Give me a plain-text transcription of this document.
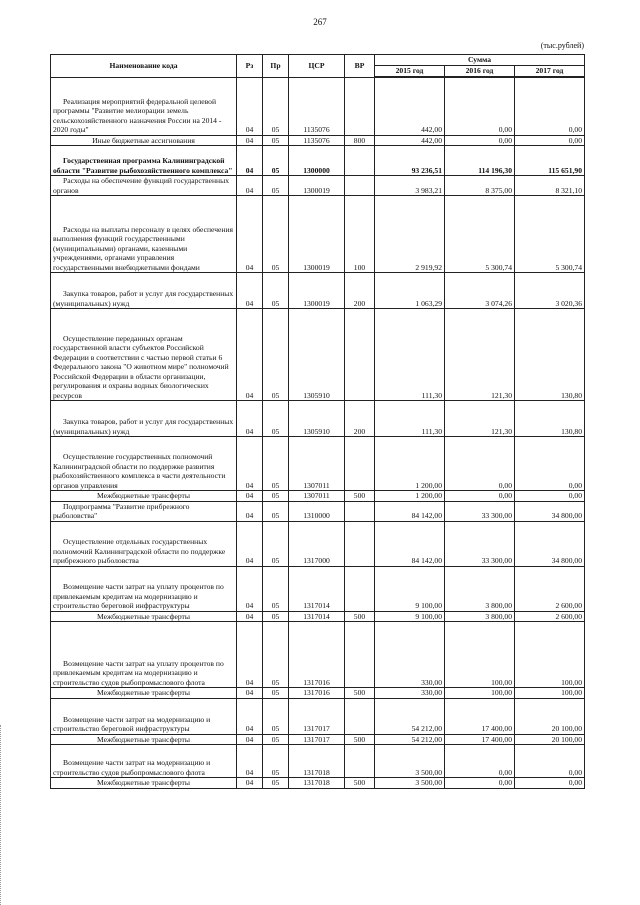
267
(тыс.рублей)
Наименование кода	Рз	Пр	ЦСР	ВР	Сумма		
					2015 год	2016 год	2017 год
Реализация мероприятий федеральной целевой программы "Развитие мелиорации земель сельскохозяйственного назначения России на 2014 - 2020 годы"	04	05	1135076		442,00	0,00	0,00
Иные бюджетные ассигнования	04	05	1135076	800	442,00	0,00	0,00
Государственная программа Калининградской области "Развитие рыбохозяйственного комплекса"	04	05	1300000		93 236,51	114 196,30	115 651,90
Расходы на обеспечение функций государственных органов	04	05	1300019		3 983,21	8 375,00	8 321,10
Расходы на выплаты персоналу в целях обеспечения выполнения функций государственными (муниципальными) органами, казенными учреждениями, органами управления государственными внебюджетными фондами	04	05	1300019	100	2 919,92	5 300,74	5 300,74
Закупка товаров, работ и услуг для государственных (муниципальных) нужд	04	05	1300019	200	1 063,29	3 074,26	3 020,36
Осуществление переданных органам государственной власти субъектов Российской Федерации в соответствии с частью первой статьи 6 Федерального закона "О животном мире" полномочий Российской Федерации в области организации, регулирования и охраны водных биологических ресурсов	04	05	1305910		111,30	121,30	130,80
Закупка товаров, работ и услуг для государственных (муниципальных) нужд	04	05	1305910	200	111,30	121,30	130,80
Осуществление государственных полномочий Калининградской области по поддержке развития рыбохозяйственного комплекса в части деятельности органов управления	04	05	1307011		1 200,00	0,00	0,00
Межбюджетные трансферты	04	05	1307011	500	1 200,00	0,00	0,00
Подпрограмма "Развитие прибрежного рыболовства"	04	05	1310000		84 142,00	33 300,00	34 800,00
Осуществление отдельных государственных полномочий Калининградской области по поддержке прибрежного рыболовства	04	05	1317000		84 142,00	33 300,00	34 800,00
Возмещение части затрат на уплату процентов по привлекаемым кредитам на модернизацию и строительство береговой инфраструктуры	04	05	1317014		9 100,00	3 800,00	2 600,00
Межбюджетные трансферты	04	05	1317014	500	9 100,00	3 800,00	2 600,00
Возмещение части затрат на уплату процентов по привлекаемым кредитам на модернизацию и строительство судов рыбопромыслового флота	04	05	1317016		330,00	100,00	100,00
Межбюджетные трансферты	04	05	1317016	500	330,00	100,00	100,00
Возмещение части затрат на модернизацию и строительство береговой инфраструктуры	04	05	1317017		54 212,00	17 400,00	20 100,00
Межбюджетные трансферты	04	05	1317017	500	54 212,00	17 400,00	20 100,00
Возмещение части затрат на модернизацию и строительство судов рыбопромыслового флота	04	05	1317018		3 500,00	0,00	0,00
Межбюджетные трансферты	04	05	1317018	500	3 500,00	0,00	0,00
